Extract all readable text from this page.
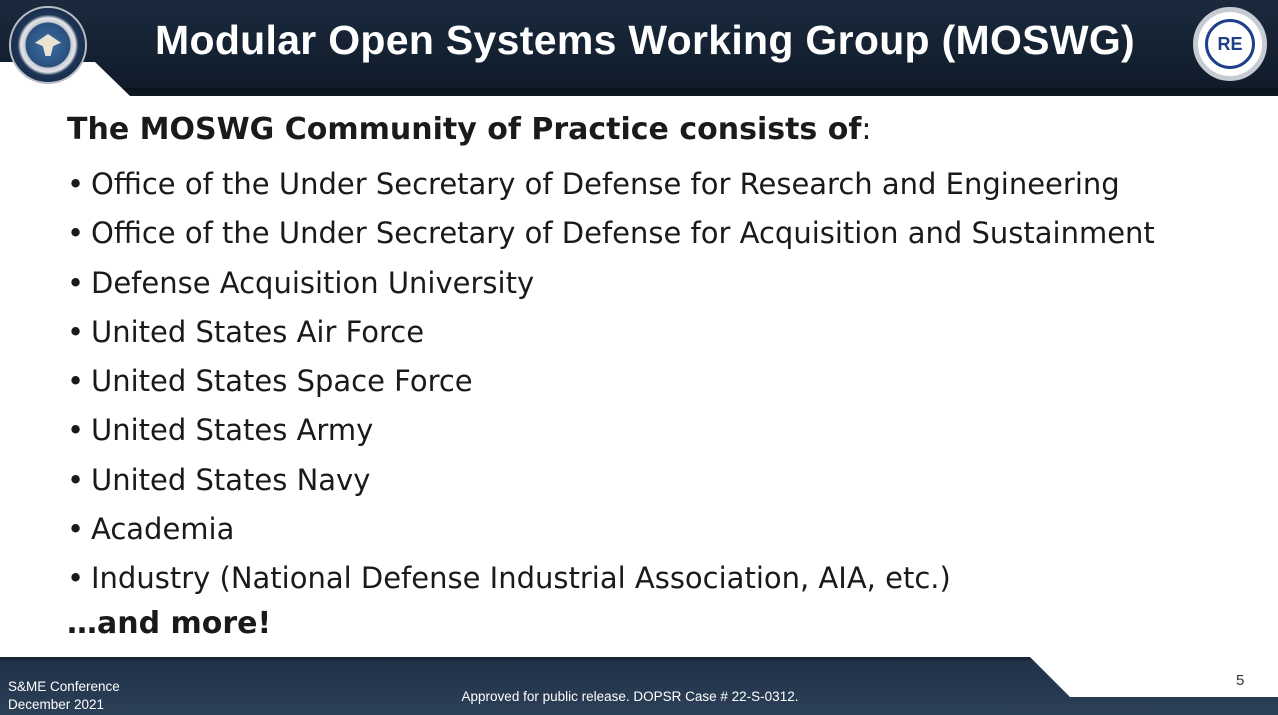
Modular Open Systems Working Group (MOSWG)	RE
The MOSWG Community of Practice consists of:
• Office of the Under Secretary of Defense for Research and Engineering
• Office of the Under Secretary of Defense for Acquisition and Sustainment
• Defense Acquisition University
• United States Air Force
• United States Space Force
• United States Army
• United States Navy
• Academia
• Industry (National Defense Industrial Association, AIA, etc.)
…and more!
S&ME Conference
December 2021
Approved for public release. DOPSR Case # 22-S-0312.
5
